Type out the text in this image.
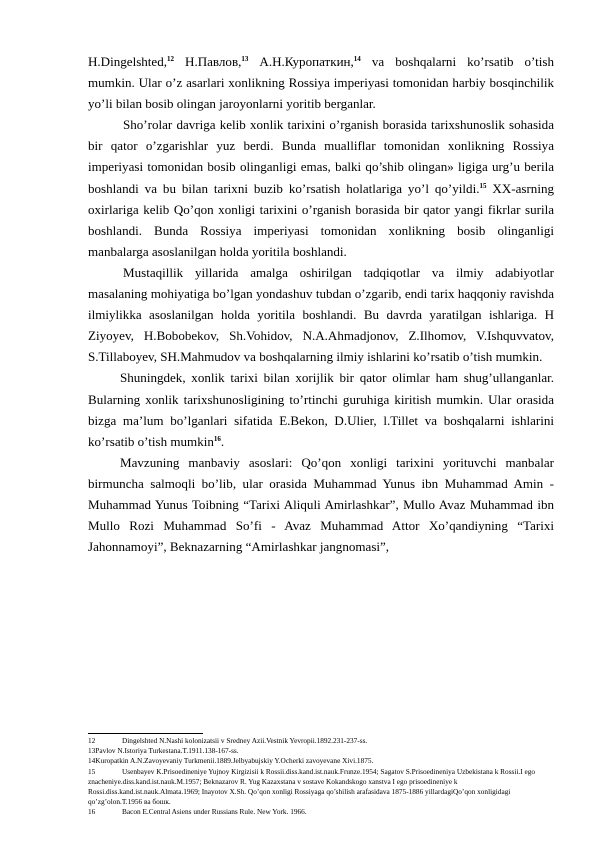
H.Dingelshted,$^{12}$ Н.Павлов,$^{13}$ А.Н.Куропаткин,$^{14}$ va boshqalarni ko’rsatib o’tish mumkin. Ular o’z asarlari xonlikning Rossiya imperiyasi tomonidan harbiy bosqinchilik yo’li bilan bosib olingan jaroyonlarni yoritib berganlar.

Sho’rolar davriga kelib xonlik tarixini o’rganish borasida tarixshunoslik sohasida bir qator o’zgarishlar yuz berdi. Bunda mualliflar tomonidan xonlikning Rossiya imperiyasi tomonidan bosib olinganligi emas, balki qo’shib olingan» ligiga urg’u berila boshlandi va bu bilan tarixni buzib ko’rsatish holatlariga yo’l qo’yildi.$^{15}$ XX-asrning oxirlariga kelib Qo’qon xonligi tarixini o’rganish borasida bir qator yangi fikrlar surila boshlandi. Bunda Rossiya imperiyasi tomonidan xonlikning bosib olinganligi manbalarga asoslanilgan holda yoritila boshlandi.

Mustaqillik yillarida amalga oshirilgan tadqiqotlar va ilmiy adabiyotlar masalaning mohiyatiga bo’lgan yondashuv tubdan o’zgarib, endi tarix haqqoniy ravishda ilmiylikka asoslanilgan holda yoritila boshlandi. Bu davrda yaratilgan ishlariga. H Ziyoyev, H.Bobobekov, Sh.Vohidov, N.A.Ahmadjonov, Z.Ilhomov, V.Ishquvvatov, S.Tillaboyev, SH.Mahmudov va boshqalarning ilmiy ishlarini ko’rsatib o’tish mumkin.

Shuningdek, xonlik tarixi bilan xorijlik bir qator olimlar ham shug’ullanganlar. Bularning xonlik tarixshunosligining to’rtinchi guruhiga kiritish mumkin. Ular orasida bizga ma’lum bo’lganlari sifatida E.Bekon, D.Ulier, l.Tillet va boshqalarni ishlarini ko’rsatib o’tish mumkin$^{16}$.

Mavzuning manbaviy asoslari: Qo’qon xonligi tarixini yorituvchi manbalar birmuncha salmoqli bo’lib, ular orasida Muhammad Yunus ibn Muhammad Amin - Muhammad Yunus Toibning “Tarixi Aliquli Amirlashkar”, Mullo Avaz Muhammad ibn Mullo Rozi Muhammad So’fi - Avaz Muhammad Attor Xo’qandiyning “Tarixi Jahonnamoyi”, Beknazarning “Amirlashkar jangnomasi”,

12	Dingelshted N.Nashi kolonizatsii v Sredney Azii.Vestnik Yevropii.1892.231-237-ss.
13Pavlov N.Istoriya Turkestana.T.1911.138-167-ss.
14Kuropatkin A.N.Zavoyevaniy Turkmenii.1889.Jelbyabujskiy Y.Ocherki zavoyevane Xivi.1875.
15	Usenbayev K.Prisoedineniye Yujnoy Kirgizisii k Rossii.diss.kand.ist.nauk.Frunze.1954; Sagatov S.Prisoedineniya Uzbekistana k Rossii.I ego znacheniye.diss.kand.ist.nauk.M.1957; Beknazarov R. Yug Kazaxstana v sostave Kokandskogo xanstva I ego prisoedineniye k Rossi.diss.kand.ist.nauk.Almata.1969; Inayotov X.Sh. Qo’qon xonligi Rossiyaga qo’shilish arafasidava 1875-1886 yillardagiQo’qon xonligidagi qo’zg’olon.T.1956 ва бошк.
16	Bacon E.Central Asiens under Russians Rule. New York. 1966.
